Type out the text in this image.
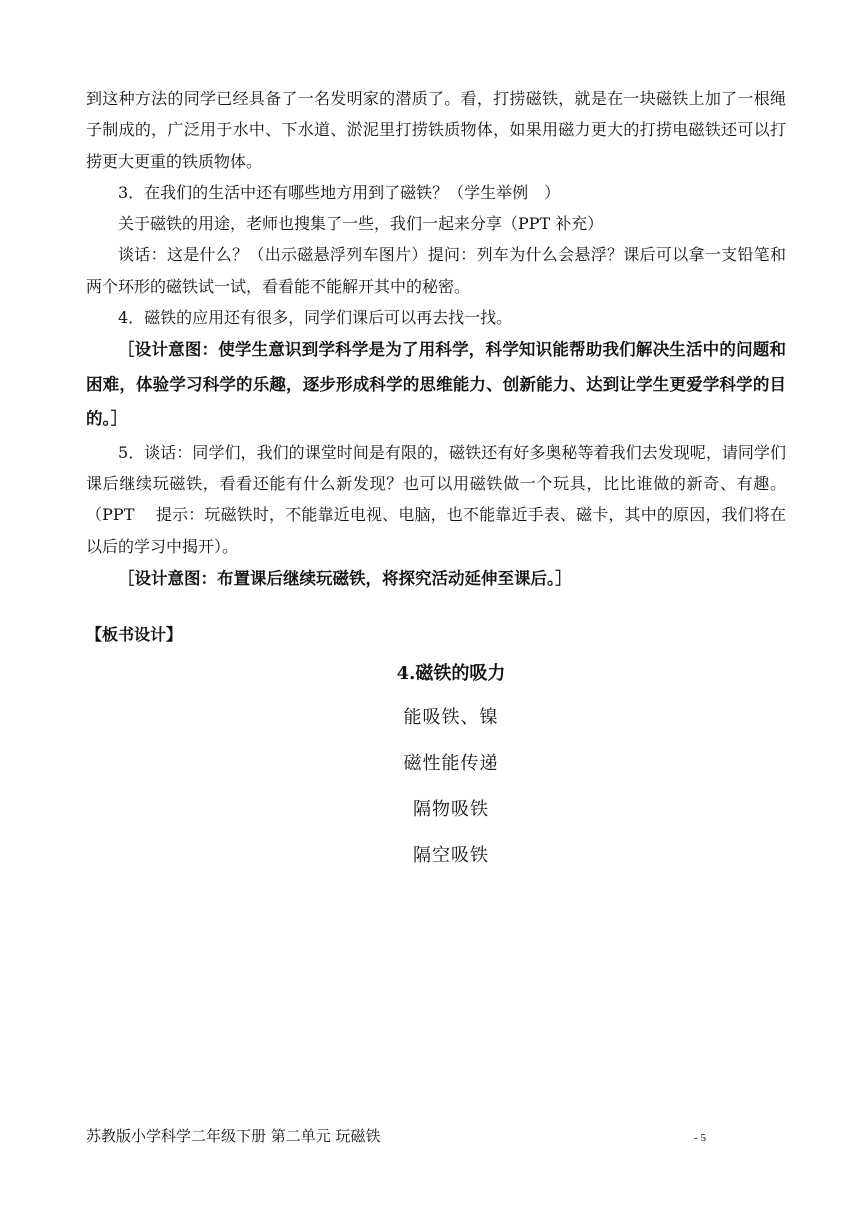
到这种方法的同学已经具备了一名发明家的潜质了。看，打捞磁铁，就是在一块磁铁上加了一根绳子制成的，广泛用于水中、下水道、淤泥里打捞铁质物体，如果用磁力更大的打捞电磁铁还可以打捞更大更重的铁质物体。

3．在我们的生活中还有哪些地方用到了磁铁？（学生举例　）

关于磁铁的用途，老师也搜集了一些，我们一起来分享（PPT 补充）

谈话：这是什么？（出示磁悬浮列车图片）提问：列车为什么会悬浮？课后可以拿一支铅笔和两个环形的磁铁试一试，看看能不能解开其中的秘密。

4．磁铁的应用还有很多，同学们课后可以再去找一找。

［设计意图：使学生意识到学科学是为了用科学，科学知识能帮助我们解决生活中的问题和困难，体验学习科学的乐趣，逐步形成科学的思维能力、创新能力、达到让学生更爱学科学的目的。］

5．谈话：同学们，我们的课堂时间是有限的，磁铁还有好多奥秘等着我们去发现呢，请同学们课后继续玩磁铁，看看还能有什么新发现？也可以用磁铁做一个玩具，比比谁做的新奇、有趣。（PPT　 提示：玩磁铁时，不能靠近电视、电脑，也不能靠近手表、磁卡，其中的原因，我们将在以后的学习中揭开）。

［设计意图：布置课后继续玩磁铁，将探究活动延伸至课后。］

【板书设计】

4.磁铁的吸力

能吸铁、镍

磁性能传递

隔物吸铁

隔空吸铁

苏教版小学科学二年级下册 第二单元 玩磁铁	- 5
